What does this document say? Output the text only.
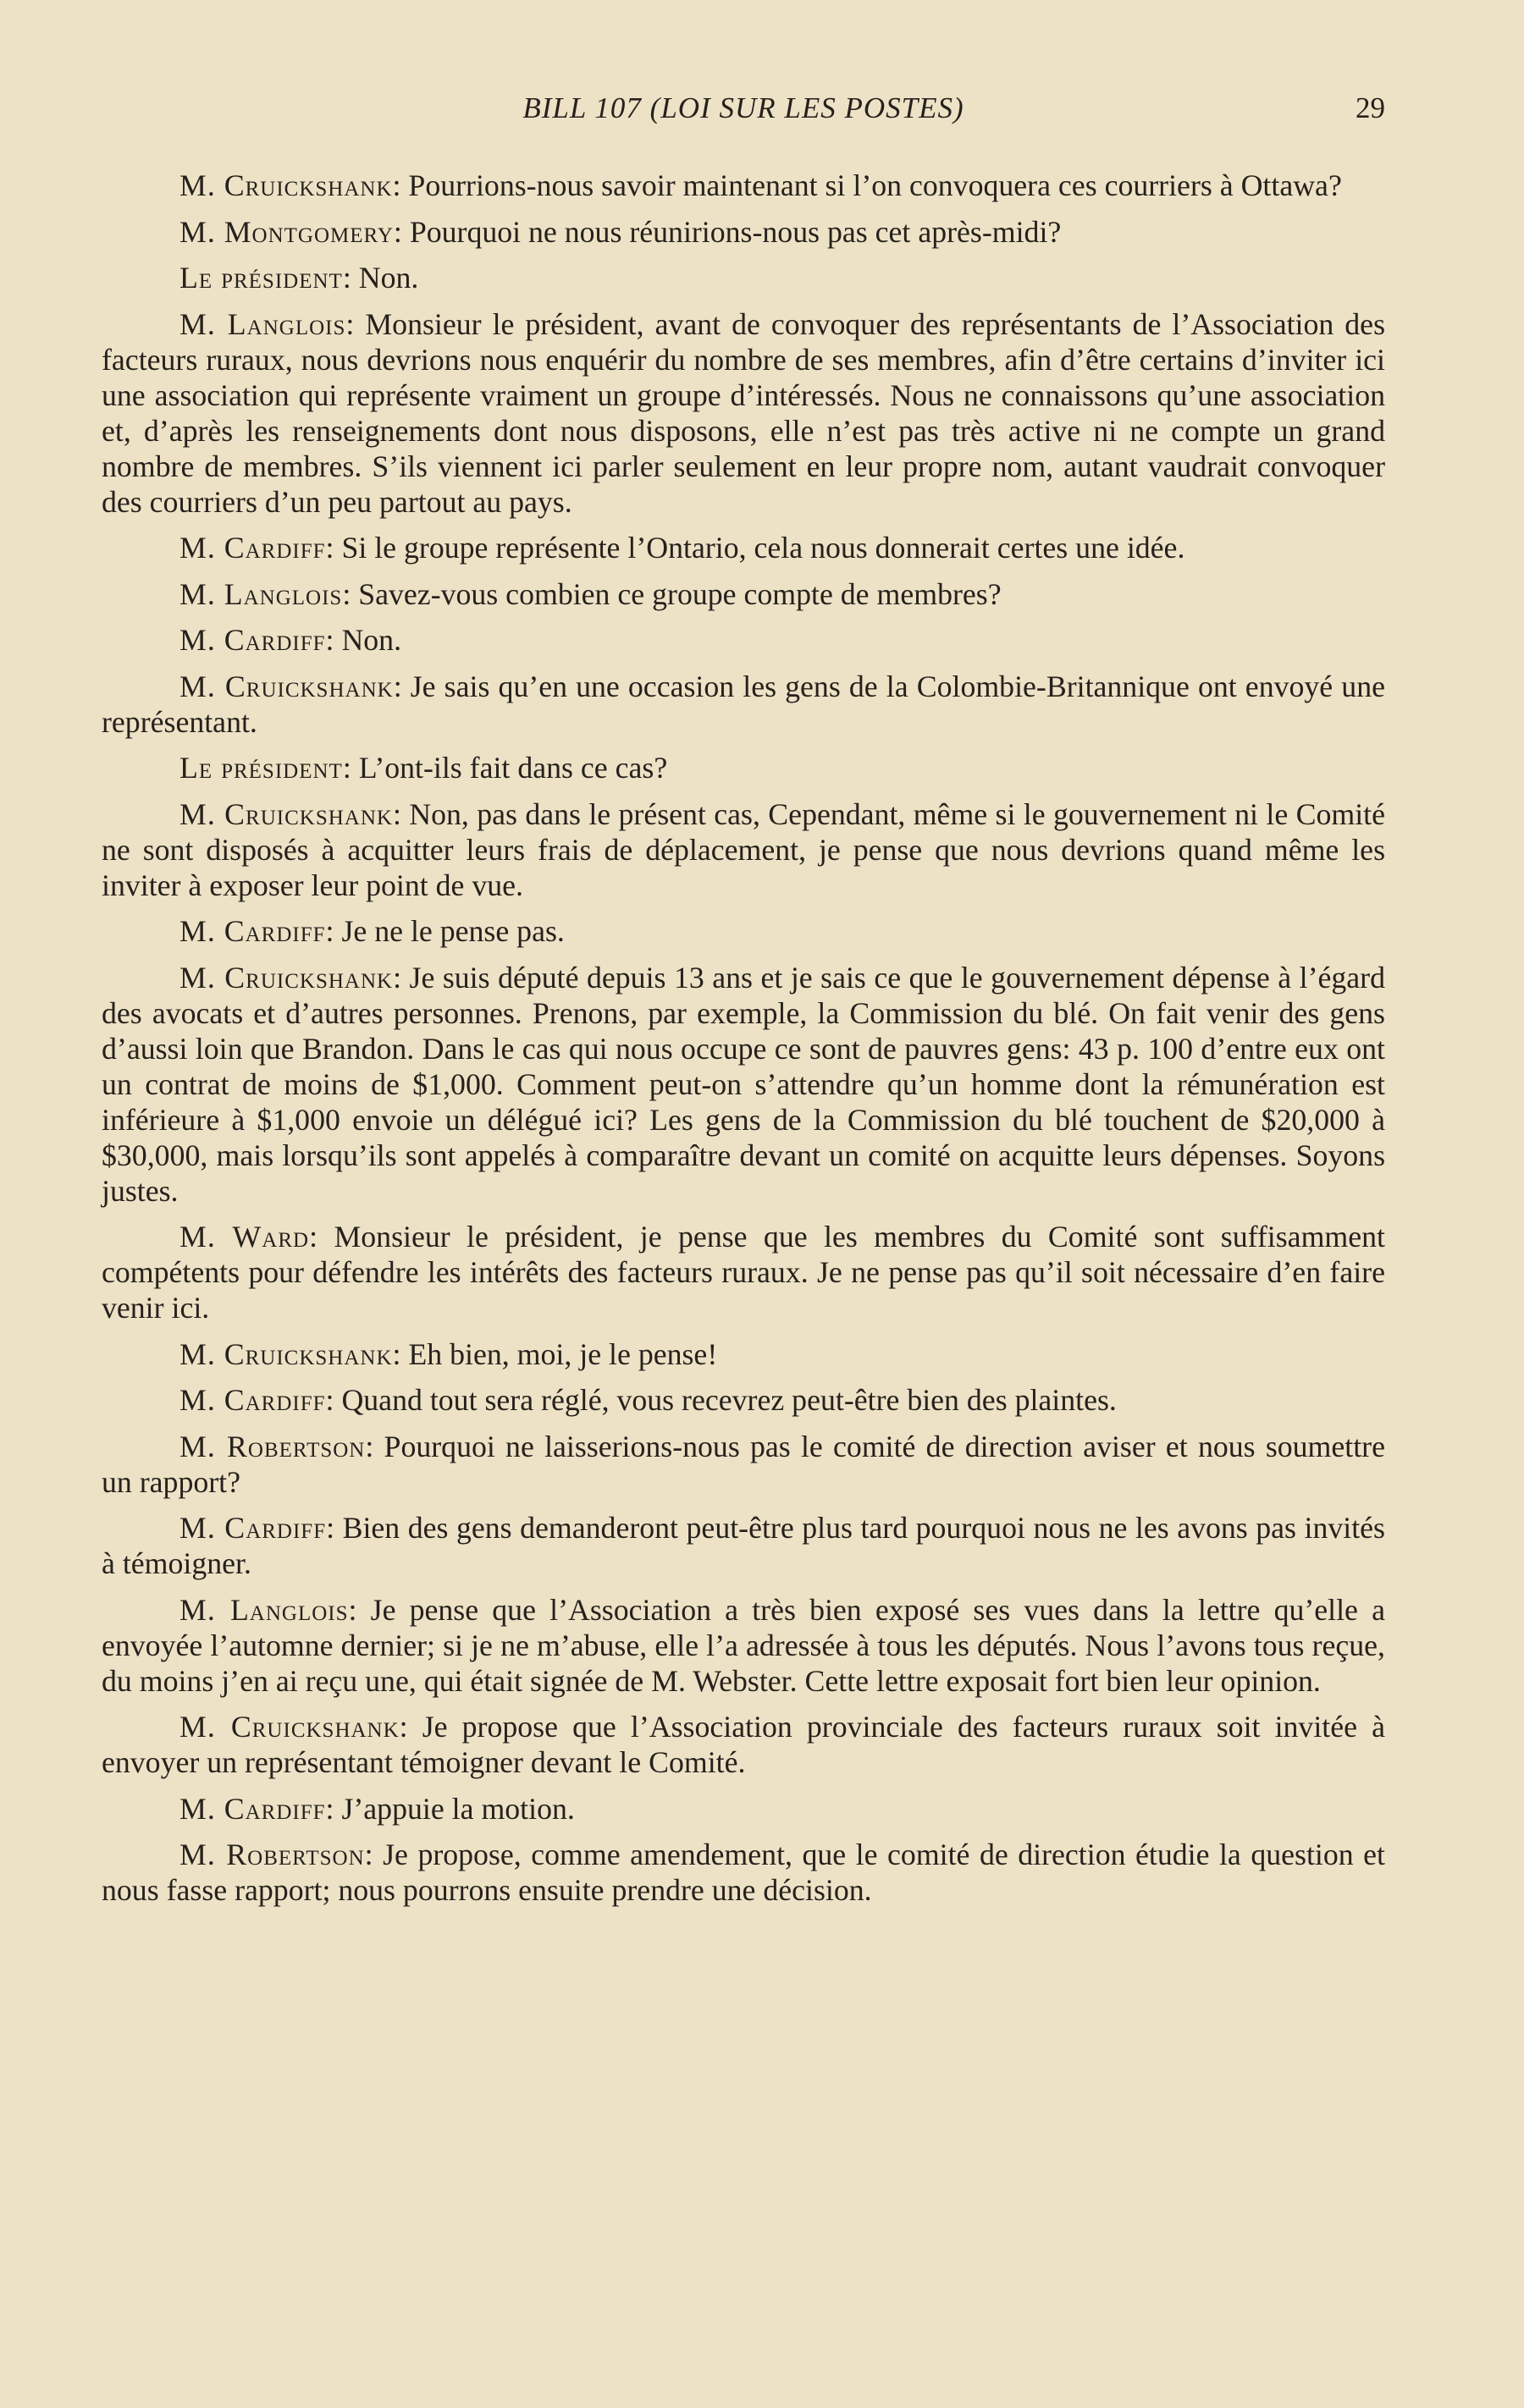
BILL 107 (LOI SUR LES POSTES)	29

M. Cruickshank: Pourrions-nous savoir maintenant si l’on convoquera ces courriers à Ottawa?

M. Montgomery: Pourquoi ne nous réunirions-nous pas cet après-midi?

Le président: Non.

M. Langlois: Monsieur le président, avant de convoquer des représentants de l’Association des facteurs ruraux, nous devrions nous enquérir du nombre de ses membres, afin d’être certains d’inviter ici une association qui représente vraiment un groupe d’intéressés. Nous ne connaissons qu’une association et, d’après les renseignements dont nous disposons, elle n’est pas très active ni ne compte un grand nombre de membres. S’ils viennent ici parler seulement en leur propre nom, autant vaudrait convoquer des courriers d’un peu partout au pays.

M. Cardiff: Si le groupe représente l’Ontario, cela nous donnerait certes une idée.

M. Langlois: Savez-vous combien ce groupe compte de membres?

M. Cardiff: Non.

M. Cruickshank: Je sais qu’en une occasion les gens de la Colombie-Britannique ont envoyé une représentant.

Le président: L’ont-ils fait dans ce cas?

M. Cruickshank: Non, pas dans le présent cas, Cependant, même si le gouvernement ni le Comité ne sont disposés à acquitter leurs frais de déplacement, je pense que nous devrions quand même les inviter à exposer leur point de vue.

M. Cardiff: Je ne le pense pas.

M. Cruickshank: Je suis député depuis 13 ans et je sais ce que le gouvernement dépense à l’égard des avocats et d’autres personnes. Prenons, par exemple, la Commission du blé. On fait venir des gens d’aussi loin que Brandon. Dans le cas qui nous occupe ce sont de pauvres gens: 43 p. 100 d’entre eux ont un contrat de moins de $1,000. Comment peut-on s’attendre qu’un homme dont la rémunération est inférieure à $1,000 envoie un délégué ici? Les gens de la Commission du blé touchent de $20,000 à $30,000, mais lorsqu’ils sont appelés à comparaître devant un comité on acquitte leurs dépenses. Soyons justes.

M. Ward: Monsieur le président, je pense que les membres du Comité sont suffisamment compétents pour défendre les intérêts des facteurs ruraux. Je ne pense pas qu’il soit nécessaire d’en faire venir ici.

M. Cruickshank: Eh bien, moi, je le pense!

M. Cardiff: Quand tout sera réglé, vous recevrez peut-être bien des plaintes.

M. Robertson: Pourquoi ne laisserions-nous pas le comité de direction aviser et nous soumettre un rapport?

M. Cardiff: Bien des gens demanderont peut-être plus tard pourquoi nous ne les avons pas invités à témoigner.

M. Langlois: Je pense que l’Association a très bien exposé ses vues dans la lettre qu’elle a envoyée l’automne dernier; si je ne m’abuse, elle l’a adressée à tous les députés. Nous l’avons tous reçue, du moins j’en ai reçu une, qui était signée de M. Webster. Cette lettre exposait fort bien leur opinion.

M. Cruickshank: Je propose que l’Association provinciale des facteurs ruraux soit invitée à envoyer un représentant témoigner devant le Comité.

M. Cardiff: J’appuie la motion.

M. Robertson: Je propose, comme amendement, que le comité de direction étudie la question et nous fasse rapport; nous pourrons ensuite prendre une décision.
